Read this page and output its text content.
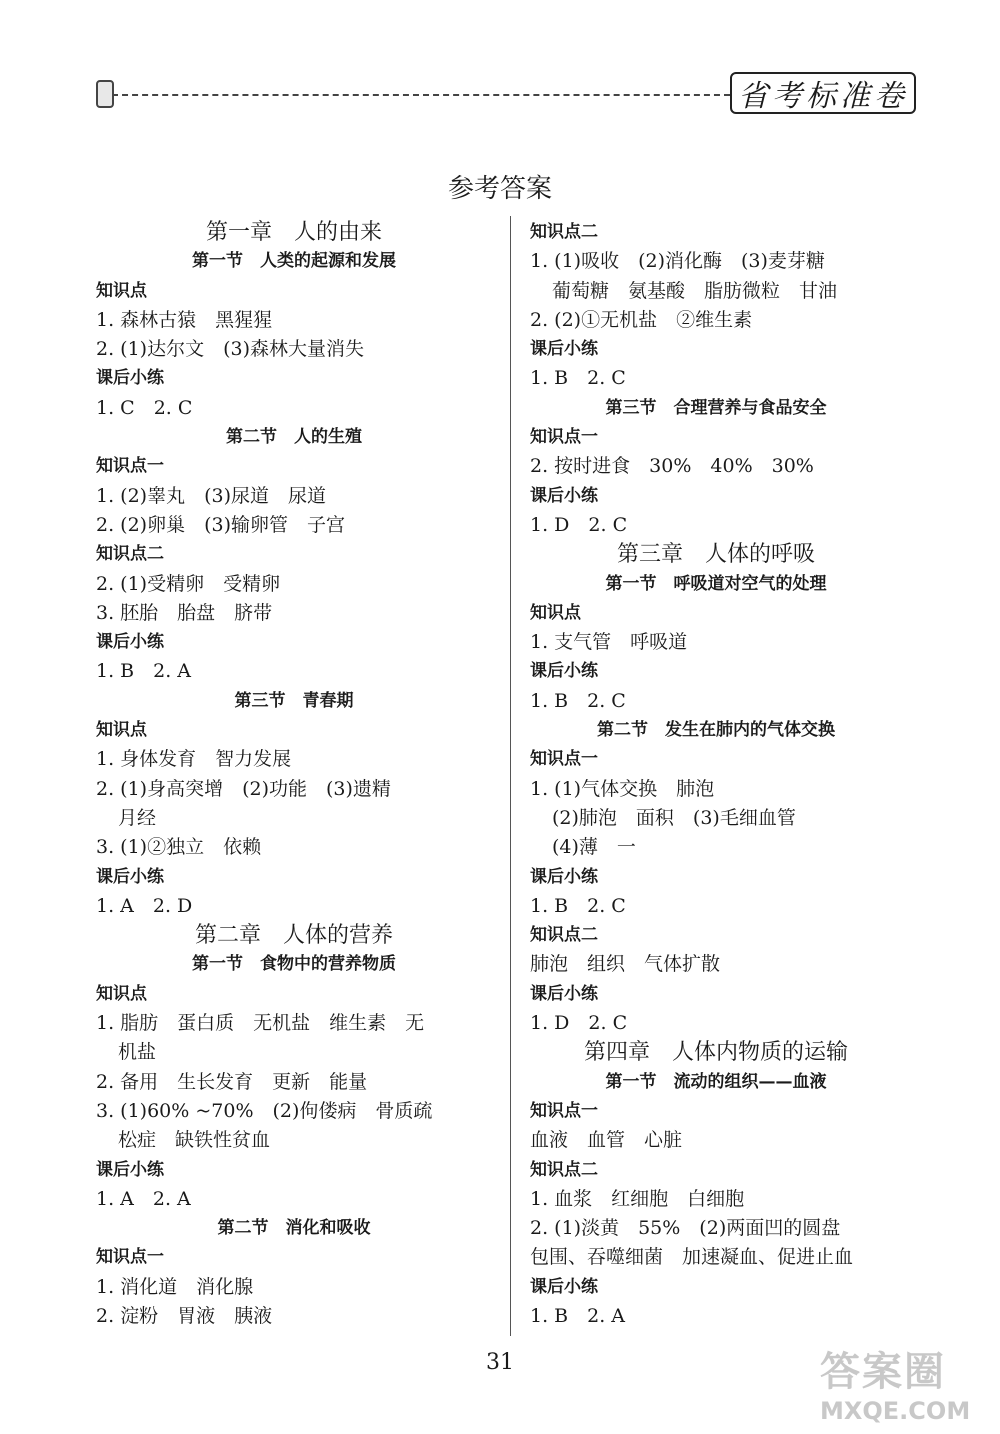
省考标准卷
参考答案
第一章　人的由来
第一节　人类的起源和发展
知识点
1. 森林古猿　黑猩猩
2. (1)达尔文　(3)森林大量消失
课后小练
1. C　2. C
第二节　人的生殖
知识点一
1. (2)睾丸　(3)尿道　尿道
2. (2)卵巢　(3)输卵管　子宫
知识点二
2. (1)受精卵　受精卵
3. 胚胎　胎盘　脐带
课后小练
1. B　2. A
第三节　青春期
知识点
1. 身体发育　智力发展
2. (1)身高突增　(2)功能　(3)遗精
月经
3. (1)②独立　依赖
课后小练
1. A　2. D
第二章　人体的营养
第一节　食物中的营养物质
知识点
1. 脂肪　蛋白质　无机盐　维生素　无
机盐
2. 备用　生长发育　更新　能量
3. (1)60% ~70%　(2)佝偻病　骨质疏
松症　缺铁性贫血
课后小练
1. A　2. A
第二节　消化和吸收
知识点一
1. 消化道　消化腺
2. 淀粉　胃液　胰液
知识点二
1. (1)吸收　(2)消化酶　(3)麦芽糖
葡萄糖　氨基酸　脂肪微粒　甘油
2. (2)①无机盐　②维生素
课后小练
1. B　2. C
第三节　合理营养与食品安全
知识点一
2. 按时进食　30%　40%　30%
课后小练
1. D　2. C
第三章　人体的呼吸
第一节　呼吸道对空气的处理
知识点
1. 支气管　呼吸道
课后小练
1. B　2. C
第二节　发生在肺内的气体交换
知识点一
1. (1)气体交换　肺泡
(2)肺泡　面积　(3)毛细血管
(4)薄　一
课后小练
1. B　2. C
知识点二
肺泡　组织　气体扩散
课后小练
1. D　2. C
第四章　人体内物质的运输
第一节　流动的组织——血液
知识点一
血液　血管　心脏
知识点二
1. 血浆　红细胞　白细胞
2. (1)淡黄　55%　(2)两面凹的圆盘
包围、吞噬细菌　加速凝血、促进止血
课后小练
1. B　2. A
31	答案圈
MXQE.COM
